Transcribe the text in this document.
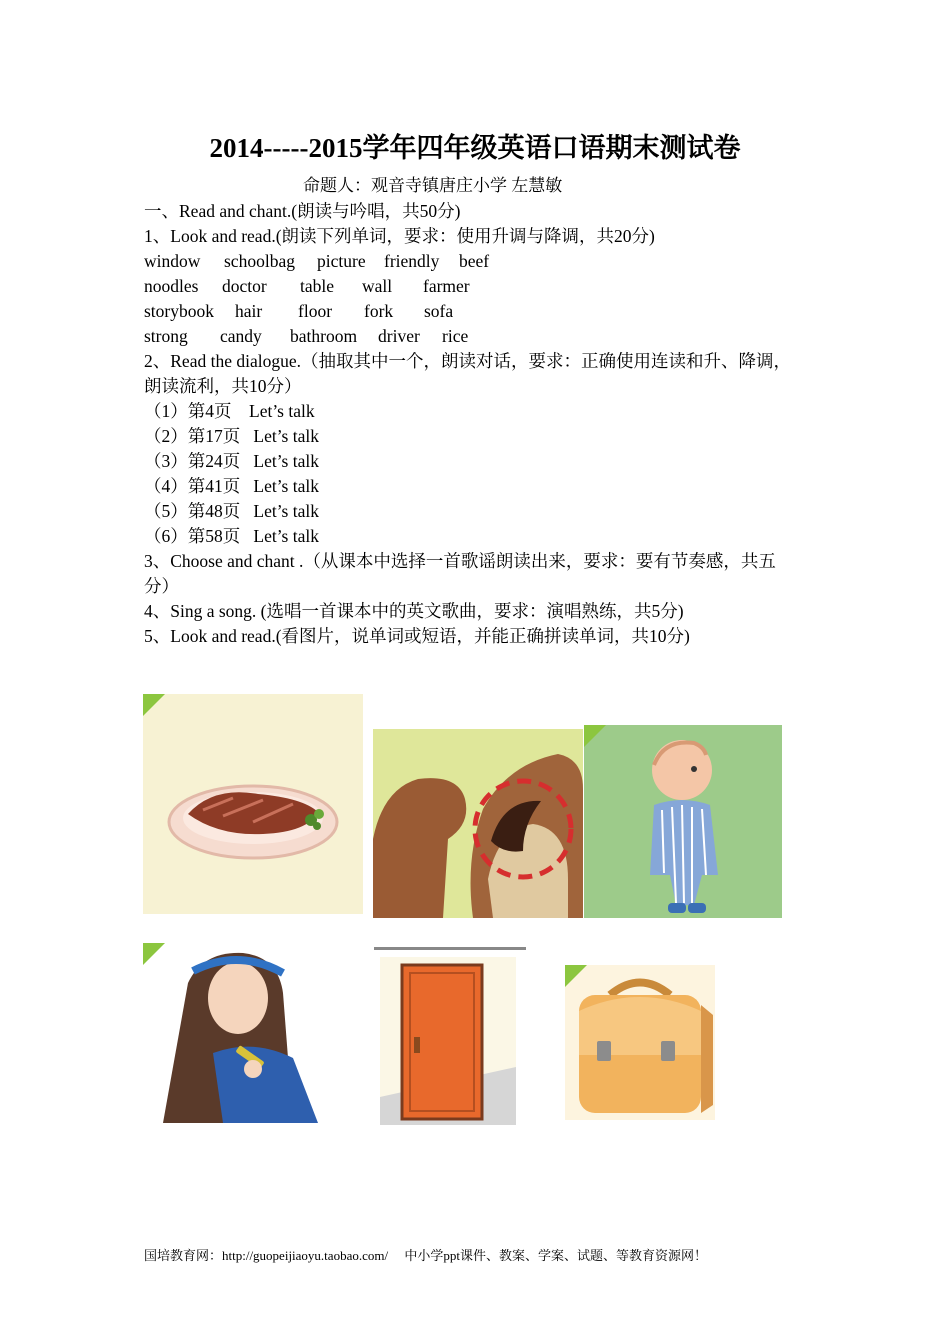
2014-----2015学年四年级英语口语期末测试卷
命题人：观音寺镇唐庄小学 左慧敏
一、Read and chant.(朗读与吟唱，共50分)
1、Look and read.(朗读下列单词，要求：使用升调与降调，共20分)
window schoolbag picture friendly beef
noodles doctor table wall farmer
storybook hair floor fork sofa
strong candy bathroom driver rice
2、Read the dialogue.（抽取其中一个，朗读对话，要求：正确使用连读和升、降调，
朗读流利，共10分）
（1）第4页    Let’s talk
（2）第17页   Let’s talk
（3）第24页   Let’s talk
（4）第41页   Let’s talk
（5）第48页   Let’s talk
（6）第58页   Let’s talk
3、Choose and chant .（从课本中选择一首歌谣朗读出来，要求：要有节奏感，共五
分）
4、Sing a song. (选唱一首课本中的英文歌曲，要求：演唱熟练，共5分)
5、Look and read.(看图片，说单词或短语，并能正确拼读单词，共10分)
国培教育网：http://guopeijiaoyu.taobao.com/     中小学ppt课件、教案、学案、试题、等教育资源网！
